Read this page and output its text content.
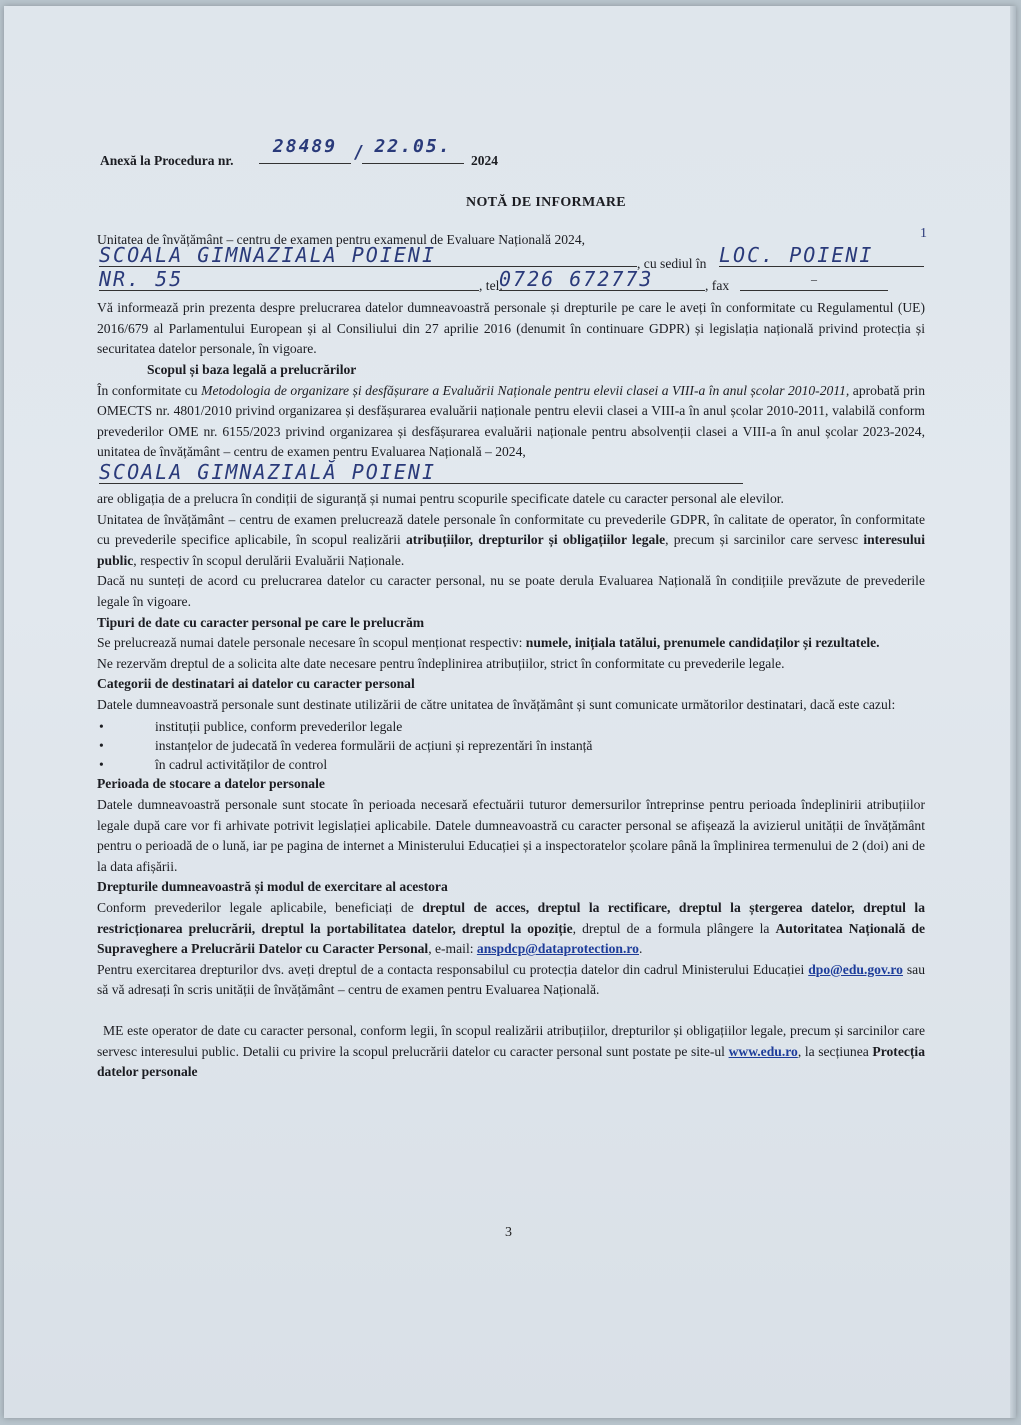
1
Anexă la Procedura nr.
28489 / 22.05.
2024
NOTĂ DE INFORMARE

Unitatea de învățământ – centru de examen pentru examenul de Evaluare Națională 2024,

SCOALA GIMNAZIALA POIENI	, cu sediul în LOC. POIENI
NR. 55	, tel.
0726 672773	, fax	–

Vă informează prin prezenta despre prelucrarea datelor dumneavoastră personale și drepturile pe care le aveți în conformitate cu Regulamentul (UE) 2016/679 al Parlamentului European și al Consiliului din 27 aprilie 2016 (denumit în continuare GDPR) și legislația națională privind protecția și securitatea datelor personale, în vigoare.

Scopul și baza legală a prelucrărilor

În conformitate cu Metodologia de organizare și desfășurare a Evaluării Naționale pentru elevii clasei a VIII-a în anul școlar 2010-2011, aprobată prin OMECTS nr. 4801/2010 privind organizarea și desfășurarea evaluării naționale pentru elevii clasei a VIII-a în anul școlar 2010-2011, valabilă conform prevederilor OME nr. 6155/2023 privind organizarea și desfășurarea evaluării naționale pentru absolvenții clasei a VIII-a în anul școlar 2023-2024, unitatea de învățământ – centru de examen pentru Evaluarea Națională – 2024,

SCOALA GIMNAZIALĂ POIENI

are obligația de a prelucra în condiții de siguranță și numai pentru scopurile specificate datele cu caracter personal ale elevilor.

Unitatea de învățământ – centru de examen prelucrează datele personale în conformitate cu prevederile GDPR, în calitate de operator, în conformitate cu prevederile specifice aplicabile, în scopul realizării atribuțiilor, drepturilor și obligațiilor legale, precum și sarcinilor care servesc interesului public, respectiv în scopul derulării Evaluării Naționale.

Dacă nu sunteți de acord cu prelucrarea datelor cu caracter personal, nu se poate derula Evaluarea Națională în condițiile prevăzute de prevederile legale în vigoare.

Tipuri de date cu caracter personal pe care le prelucrăm

Se prelucrează numai datele personale necesare în scopul menționat respectiv: numele, inițiala tatălui, prenumele candidaților și rezultatele.

Ne rezervăm dreptul de a solicita alte date necesare pentru îndeplinirea atribuțiilor, strict în conformitate cu prevederile legale.

Categorii de destinatari ai datelor cu caracter personal

Datele dumneavoastră personale sunt destinate utilizării de către unitatea de învățământ și sunt comunicate următorilor destinatari, dacă este cazul:

•	instituții publice, conform prevederilor legale
•	instanțelor de judecată în vederea formulării de acțiuni și reprezentări în instanță
•	în cadrul activităților de control

Perioada de stocare a datelor personale

Datele dumneavoastră personale sunt stocate în perioada necesară efectuării tuturor demersurilor întreprinse pentru perioada îndeplinirii atribuțiilor legale după care vor fi arhivate potrivit legislației aplicabile. Datele dumneavoastră cu caracter personal se afișează la avizierul unității de învățământ pentru o perioadă de o lună, iar pe pagina de internet a Ministerului Educației și a inspectoratelor școlare până la împlinirea termenului de 2 (doi) ani de la data afișării.

Drepturile dumneavoastră și modul de exercitare al acestora

Conform prevederilor legale aplicabile, beneficiați de dreptul de acces, dreptul la rectificare, dreptul la ștergerea datelor, dreptul la restricționarea prelucrării, dreptul la portabilitatea datelor, dreptul la opoziție, dreptul de a formula plângere la Autoritatea Națională de Supraveghere a Prelucrării Datelor cu Caracter Personal, e-mail: anspdcp@dataprotection.ro.

Pentru exercitarea drepturilor dvs. aveți dreptul de a contacta responsabilul cu protecția datelor din cadrul Ministerului Educației dpo@edu.gov.ro sau să vă adresați în scris unității de învățământ – centru de examen pentru Evaluarea Națională.

ME este operator de date cu caracter personal, conform legii, în scopul realizării atribuțiilor, drepturilor și obligațiilor legale, precum și sarcinilor care servesc interesului public. Detalii cu privire la scopul prelucrării datelor cu caracter personal sunt postate pe site-ul www.edu.ro, la secțiunea Protecția datelor personale

3
